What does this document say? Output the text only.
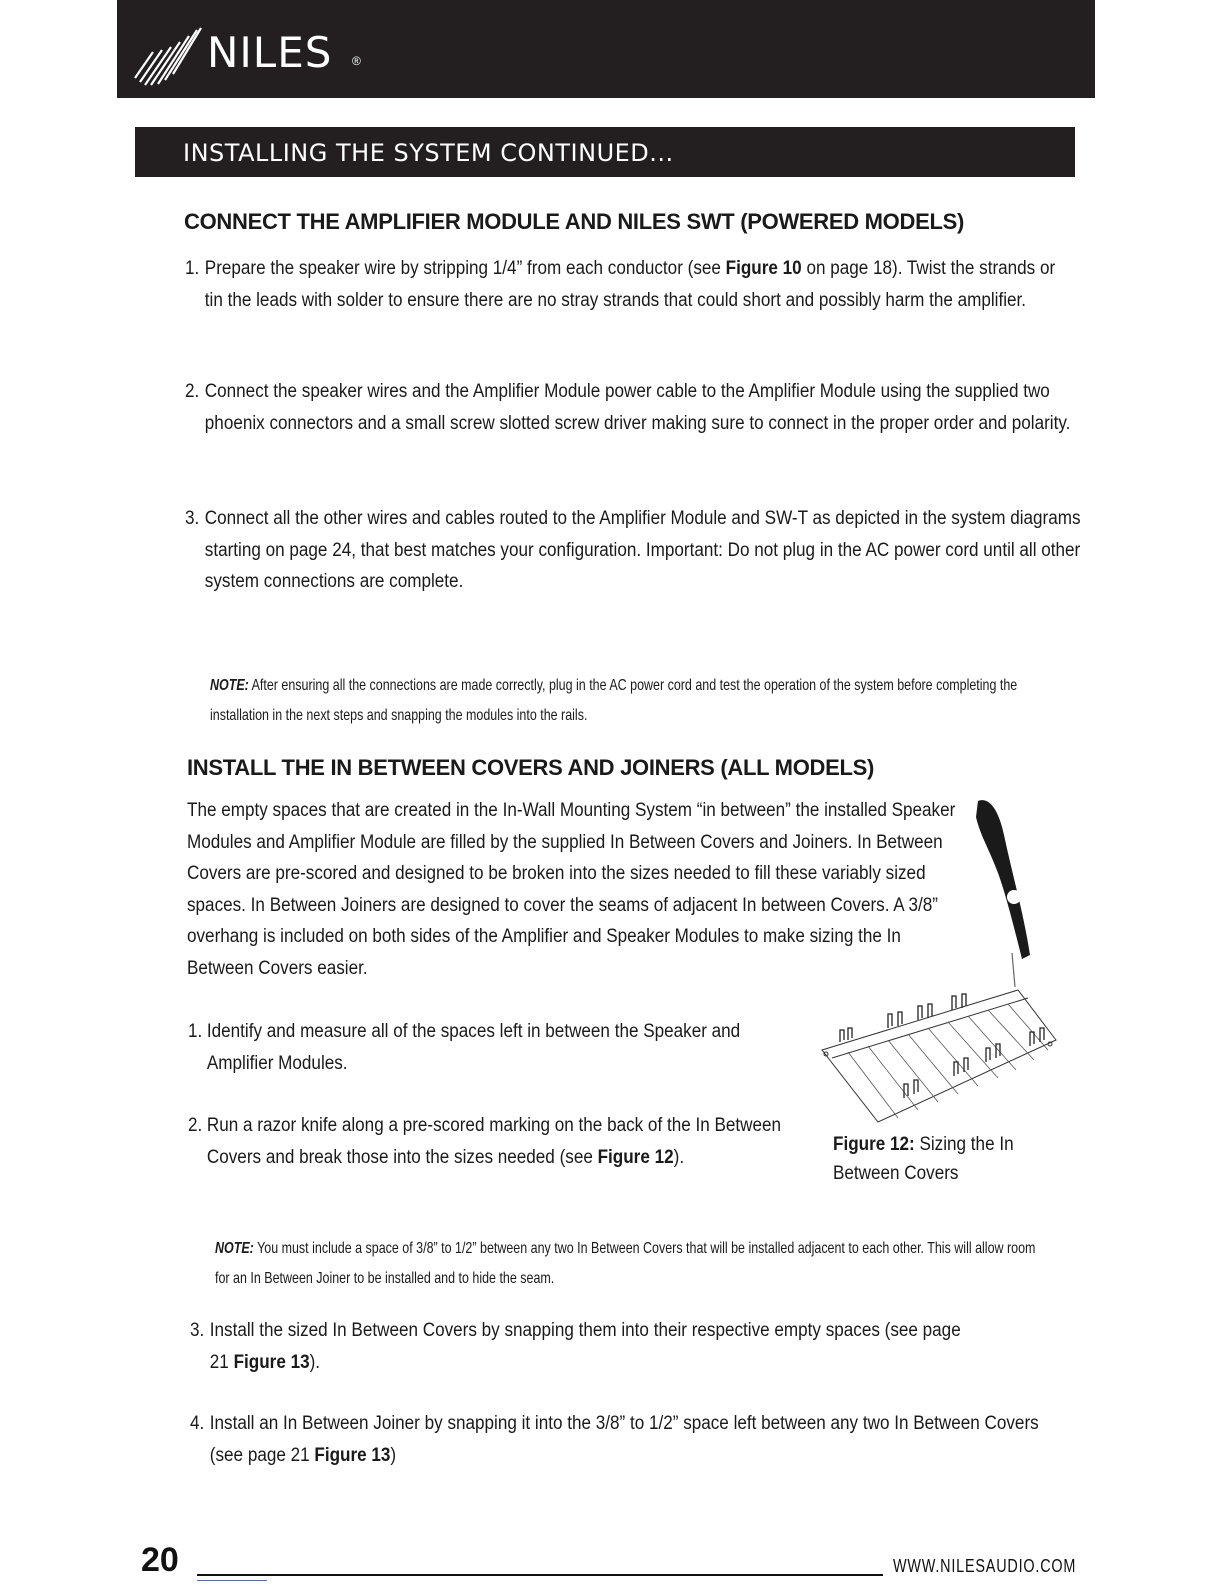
NILES ®
INSTALLING THE SYSTEM CONTINUED...
CONNECT THE AMPLIFIER MODULE AND NILES SWT (POWERED MODELS)
1. Prepare the speaker wire by stripping 1/4” from each conductor (see Figure 10 on page 18). Twist the strands or tin the leads with solder to ensure there are no stray strands that could short and possibly harm the amplifier.
2. Connect the speaker wires and the Amplifier Module power cable to the Amplifier Module using the supplied two phoenix connectors and a small screw slotted screw driver making sure to connect in the proper order and polarity.
3. Connect all the other wires and cables routed to the Amplifier Module and SW-T as depicted in the system diagrams starting on page 24, that best matches your configuration. Important: Do not plug in the AC power cord until all other system connections are complete.
NOTE: After ensuring all the connections are made correctly, plug in the AC power cord and test the operation of the system before completing the installation in the next steps and snapping the modules into the rails.
INSTALL THE IN BETWEEN COVERS AND JOINERS (ALL MODELS)
The empty spaces that are created in the In-Wall Mounting System “in between” the installed Speaker Modules and Amplifier Module are filled by the supplied In Between Covers and Joiners. In Between Covers are pre-scored and designed to be broken into the sizes needed to fill these variably sized spaces. In Between Joiners are designed to cover the seams of adjacent In between Covers. A 3/8” overhang is included on both sides of the Amplifier and Speaker Modules to make sizing the In Between Covers easier.
1. Identify and measure all of the spaces left in between the Speaker and Amplifier Modules.
2. Run a razor knife along a pre-scored marking on the back of the In Between Covers and break those into the sizes needed (see Figure 12).
Figure 12: Sizing the In Between Covers
NOTE: You must include a space of 3/8” to 1/2” between any two In Between Covers that will be installed adjacent to each other. This will allow room for an In Between Joiner to be installed and to hide the seam.
3. Install the sized In Between Covers by snapping them into their respective empty spaces (see page 21 Figure 13).
4. Install an In Between Joiner by snapping it into the 3/8” to 1/2” space left between any two In Between Covers (see page 21 Figure 13)
20	WWW.NILESAUDIO.COM
